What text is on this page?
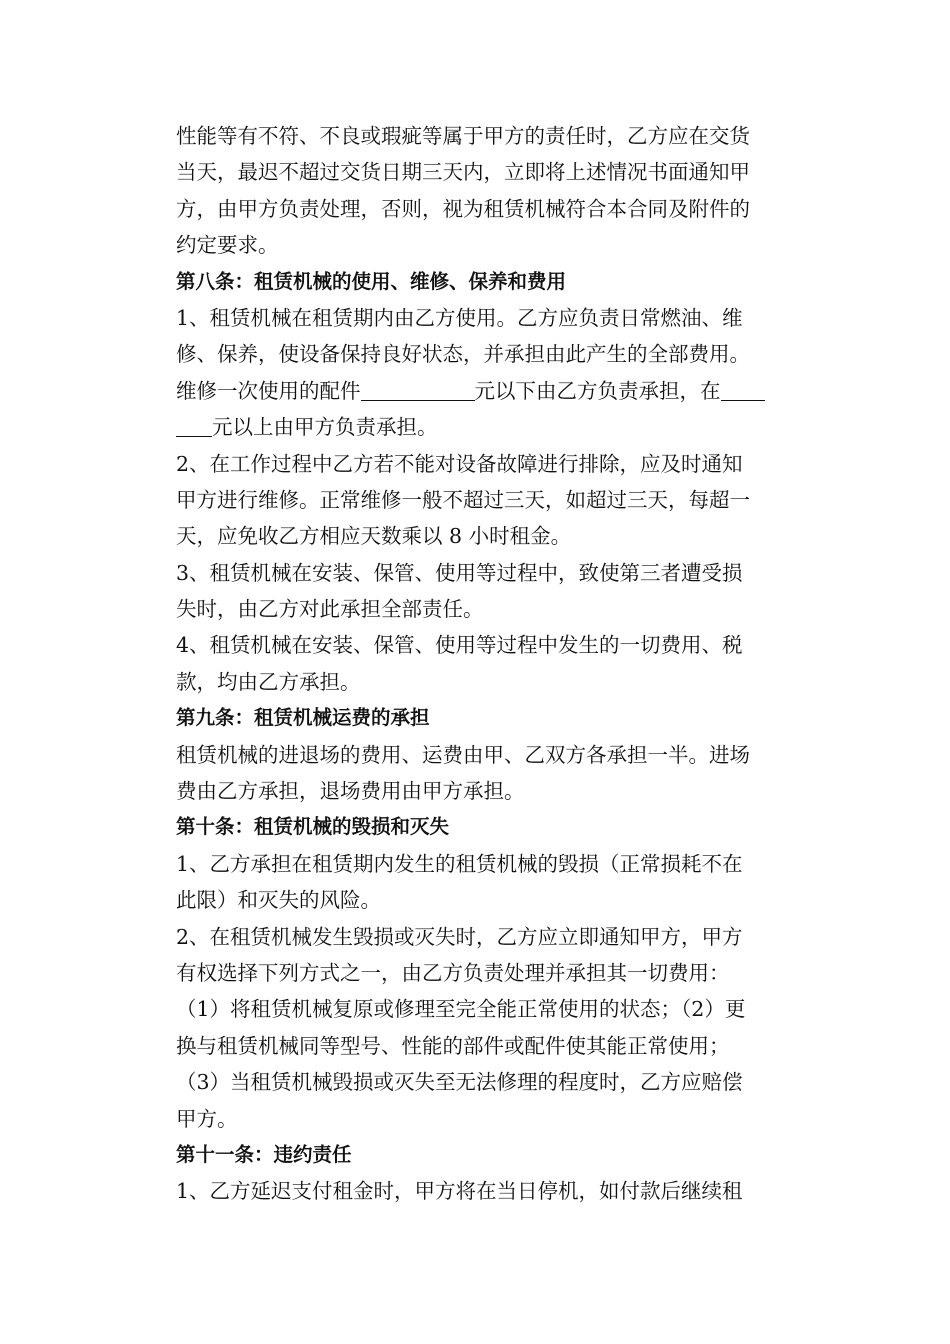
性能等有不符、不良或瑕疵等属于甲方的责任时，乙方应在交货
当天，最迟不超过交货日期三天内，立即将上述情况书面通知甲
方，由甲方负责处理，否则，视为租赁机械符合本合同及附件的
约定要求。
第八条：租赁机械的使用、维修、保养和费用
1、租赁机械在租赁期内由乙方使用。乙方应负责日常燃油、维
修、保养，使设备保持良好状态，并承担由此产生的全部费用。
维修一次使用的配件	元以下由乙方负责承担，在
元以上由甲方负责承担。
2、在工作过程中乙方若不能对设备故障进行排除，应及时通知
甲方进行维修。正常维修一般不超过三天，如超过三天，每超一
天，应免收乙方相应天数乘以 8 小时租金。
3、租赁机械在安装、保管、使用等过程中，致使第三者遭受损
失时，由乙方对此承担全部责任。
4、租赁机械在安装、保管、使用等过程中发生的一切费用、税
款，均由乙方承担。
第九条：租赁机械运费的承担
租赁机械的进退场的费用、运费由甲、乙双方各承担一半。进场
费由乙方承担，退场费用由甲方承担。
第十条：租赁机械的毁损和灭失
1、乙方承担在租赁期内发生的租赁机械的毁损（正常损耗不在
此限）和灭失的风险。
2、在租赁机械发生毁损或灭失时，乙方应立即通知甲方，甲方
有权选择下列方式之一，由乙方负责处理并承担其一切费用：
（1）将租赁机械复原或修理至完全能正常使用的状态；（2）更
换与租赁机械同等型号、性能的部件或配件使其能正常使用；
（3）当租赁机械毁损或灭失至无法修理的程度时，乙方应赔偿
甲方。
第十一条：违约责任
1、乙方延迟支付租金时，甲方将在当日停机，如付款后继续租
